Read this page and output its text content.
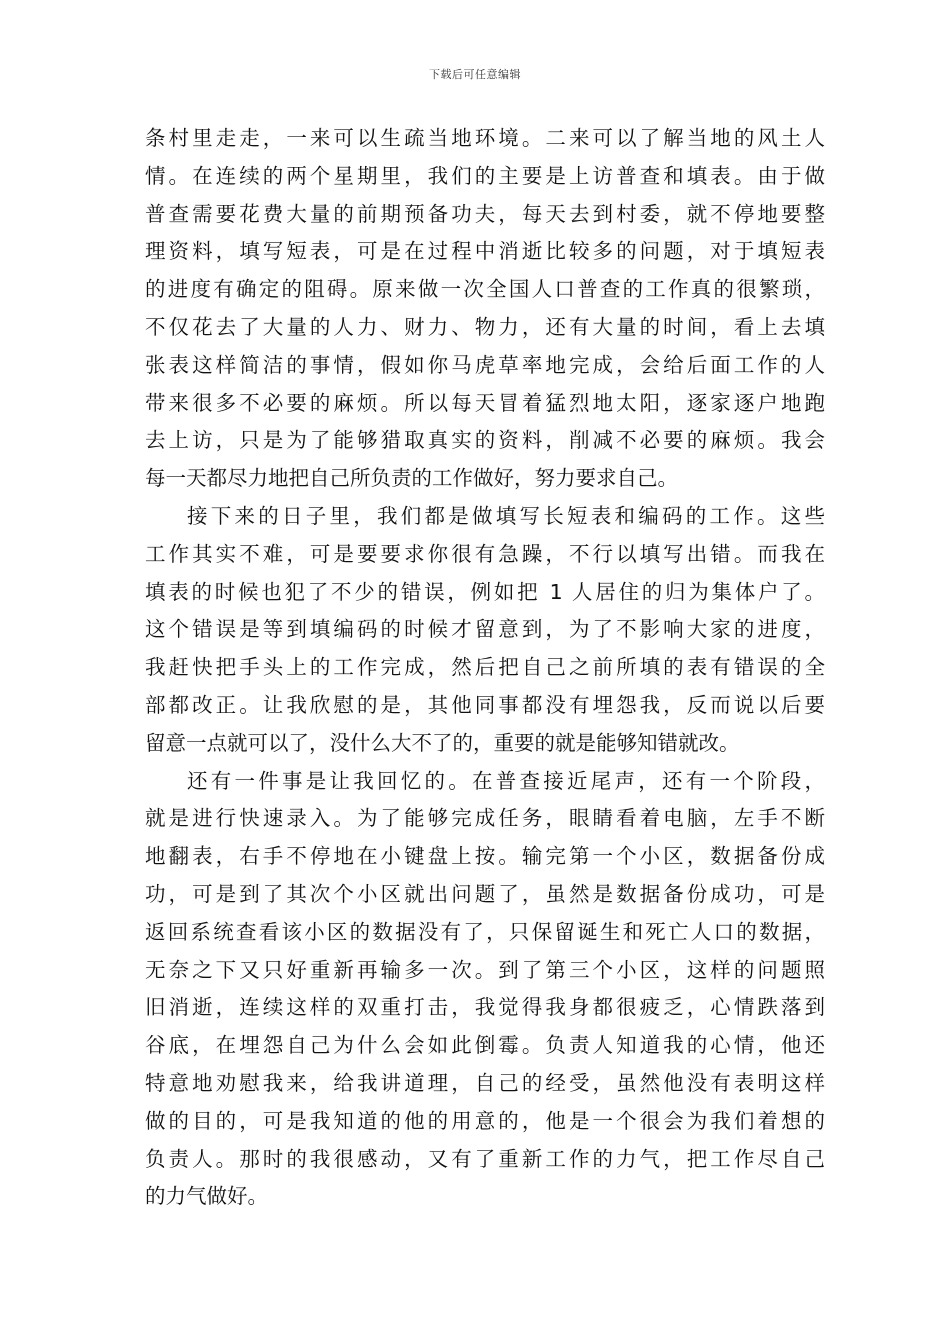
下载后可任意编辑
条村里走走，一来可以生疏当地环境。二来可以了解当地的风土人
情。在连续的两个星期里，我们的主要是上访普查和填表。由于做
普查需要花费大量的前期预备功夫，每天去到村委，就不停地要整
理资料，填写短表，可是在过程中消逝比较多的问题，对于填短表
的进度有确定的阻碍。原来做一次全国人口普查的工作真的很繁琐，
不仅花去了大量的人力、财力、物力，还有大量的时间，看上去填
张表这样简洁的事情，假如你马虎草率地完成，会给后面工作的人
带来很多不必要的麻烦。所以每天冒着猛烈地太阳，逐家逐户地跑
去上访，只是为了能够猎取真实的资料，削减不必要的麻烦。我会
每一天都尽力地把自己所负责的工作做好，努力要求自己。
接下来的日子里，我们都是做填写长短表和编码的工作。这些
工作其实不难，可是要要求你很有急躁，不行以填写出错。而我在
填表的时候也犯了不少的错误，例如把 1 人居住的归为集体户了。
这个错误是等到填编码的时候才留意到，为了不影响大家的进度，
我赶快把手头上的工作完成，然后把自己之前所填的表有错误的全
部都改正。让我欣慰的是，其他同事都没有埋怨我，反而说以后要
留意一点就可以了，没什么大不了的，重要的就是能够知错就改。
还有一件事是让我回忆的。在普查接近尾声，还有一个阶段，
就是进行快速录入。为了能够完成任务，眼睛看着电脑，左手不断
地翻表，右手不停地在小键盘上按。输完第一个小区，数据备份成
功，可是到了其次个小区就出问题了，虽然是数据备份成功，可是
返回系统查看该小区的数据没有了，只保留诞生和死亡人口的数据，
无奈之下又只好重新再输多一次。到了第三个小区，这样的问题照
旧消逝，连续这样的双重打击，我觉得我身都很疲乏，心情跌落到
谷底，在埋怨自己为什么会如此倒霉。负责人知道我的心情，他还
特意地劝慰我来，给我讲道理，自己的经受，虽然他没有表明这样
做的目的，可是我知道的他的用意的，他是一个很会为我们着想的
负责人。那时的我很感动，又有了重新工作的力气，把工作尽自己
的力气做好。
